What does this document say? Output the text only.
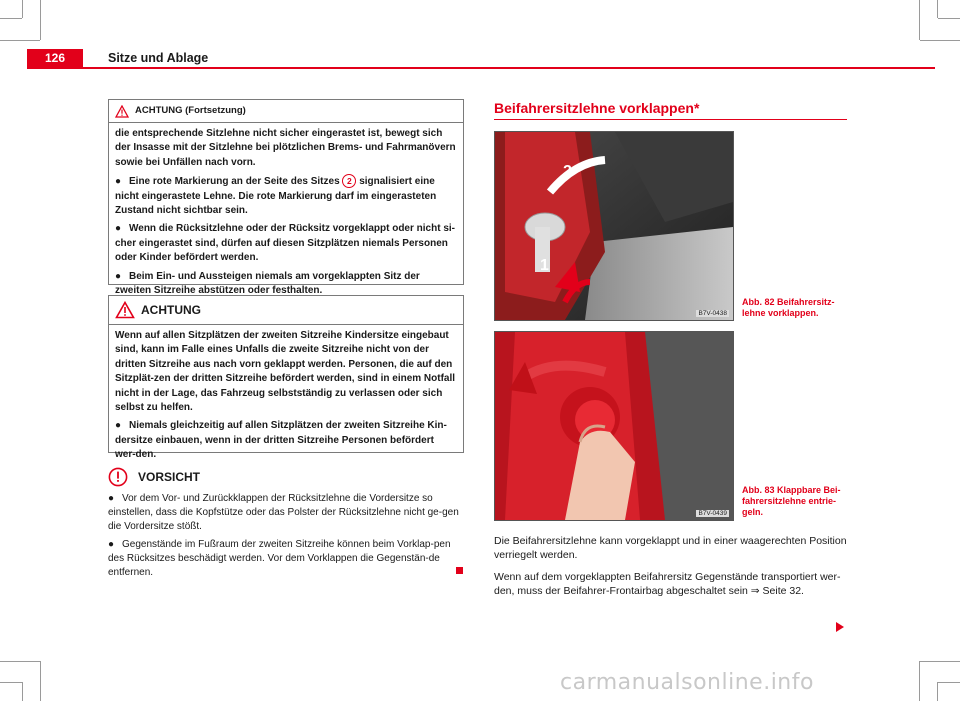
126	Sitze und Ablage
ACHTUNG (Fortsetzung)

die entsprechende Sitzlehne nicht sicher eingerastet ist, bewegt sich der Insasse mit der Sitzlehne bei plötzlichen Brems- und Fahrmanövern sowie bei Unfällen nach vorn.

● Eine rote Markierung an der Seite des Sitzes 2 signalisiert eine nicht eingerastete Lehne. Die rote Markierung darf im eingerasteten Zustand nicht sichtbar sein.

● Wenn die Rücksitzlehne oder der Rücksitz vorgeklappt oder nicht si-cher eingerastet sind, dürfen auf diesen Sitzplätzen niemals Personen oder Kinder befördert werden.

● Beim Ein- und Aussteigen niemals am vorgeklappten Sitz der zweiten Sitzreihe abstützen oder festhalten.

ACHTUNG

Wenn auf allen Sitzplätzen der zweiten Sitzreihe Kindersitze eingebaut sind, kann im Falle eines Unfalls die zweite Sitzreihe nicht von der dritten Sitzreihe aus nach vorn geklappt werden. Personen, die auf den Sitzplät-zen der dritten Sitzreihe befördert werden, sind in einem Notfall nicht in der Lage, das Fahrzeug selbstständig zu verlassen oder sich selbst zu helfen.

● Niemals gleichzeitig auf allen Sitzplätzen der zweiten Sitzreihe Kin-dersitze einbauen, wenn in der dritten Sitzreihe Personen befördert wer-den.

VORSICHT

● Vor dem Vor- und Zurückklappen der Rücksitzlehne die Vordersitze so einstellen, dass die Kopfstütze oder das Polster der Rücksitzlehne nicht ge-gen die Vordersitze stößt.

● Gegenstände im Fußraum der zweiten Sitzreihe können beim Vorklap-pen des Rücksitzes beschädigt werden. Vor dem Vorklappen die Gegenstän-de entfernen.

Beifahrersitzlehne vorklappen*
2
1
B7V-0438
Abb. 82 Beifahrersitz-lehne vorklappen.
B7V-0439
Abb. 83 Klappbare Bei-fahrersitzlehne entrie-geln.

Die Beifahrersitzlehne kann vorgeklappt und in einer waagerechten Position verriegelt werden.

Wenn auf dem vorgeklappten Beifahrersitz Gegenstände transportiert wer-den, muss der Beifahrer-Frontairbag abgeschaltet sein ⇒ Seite 32.

carmanualsonline.info
